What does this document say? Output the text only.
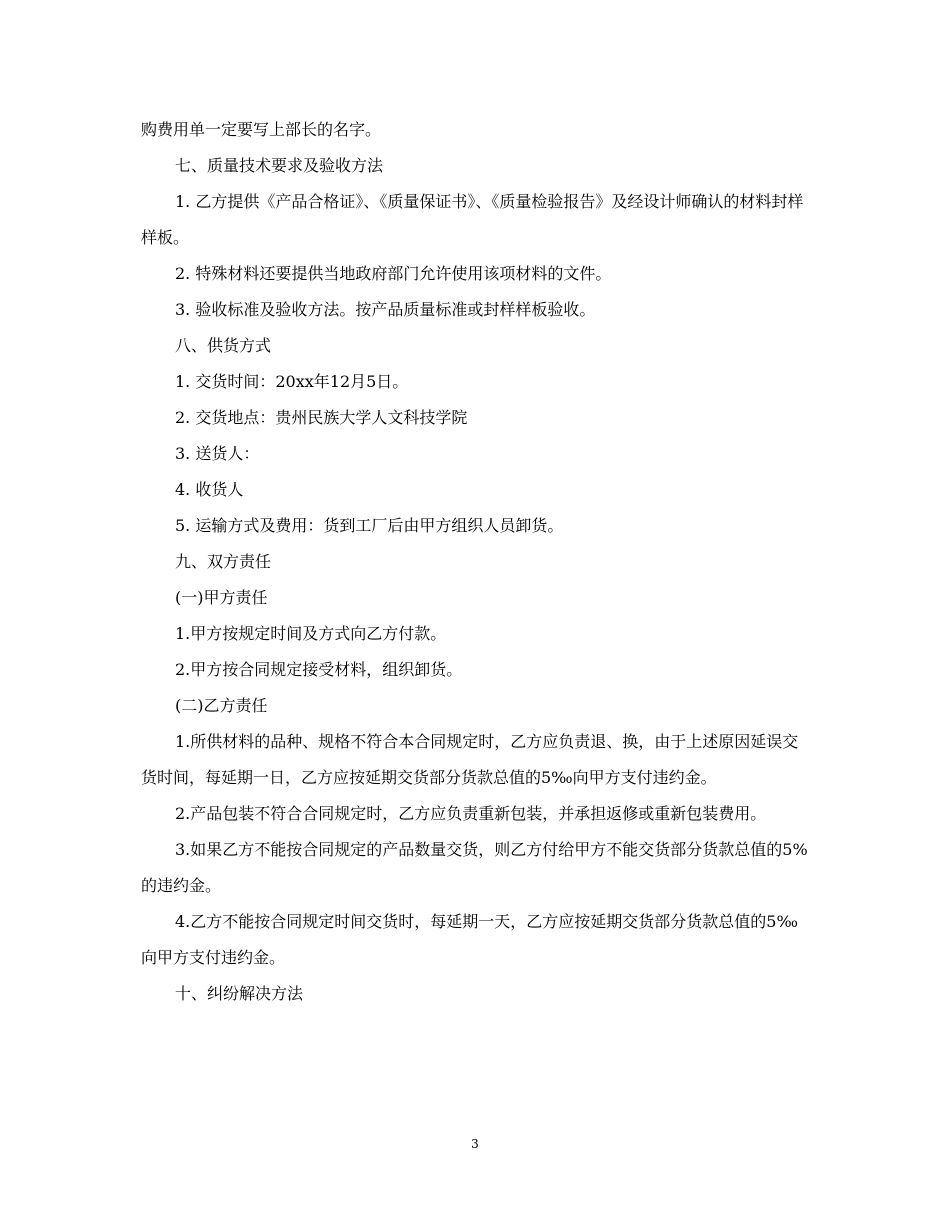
购费用单一定要写上部长的名字。

七、质量技术要求及验收方法

1. 乙方提供《产品合格证》、《质量保证书》、《质量检验报告》及经设计师确认的材料封样样板。

2. 特殊材料还要提供当地政府部门允许使用该项材料的文件。

3. 验收标准及验收方法。按产品质量标准或封样样板验收。

八、供货方式

1. 交货时间：20xx年12月5日。

2. 交货地点：贵州民族大学人文科技学院

3. 送货人：

4. 收货人

5. 运输方式及费用：货到工厂后由甲方组织人员卸货。

九、双方责任

(一)甲方责任

1.甲方按规定时间及方式向乙方付款。

2.甲方按合同规定接受材料，组织卸货。

(二)乙方责任

1.所供材料的品种、规格不符合本合同规定时，乙方应负责退、换，由于上述原因延误交货时间，每延期一日，乙方应按延期交货部分货款总值的5‰向甲方支付违约金。

2.产品包装不符合合同规定时，乙方应负责重新包装，并承担返修或重新包装费用。

3.如果乙方不能按合同规定的产品数量交货，则乙方付给甲方不能交货部分货款总值的5%的违约金。

4.乙方不能按合同规定时间交货时，每延期一天，乙方应按延期交货部分货款总值的5‰向甲方支付违约金。

十、纠纷解决方法

3
